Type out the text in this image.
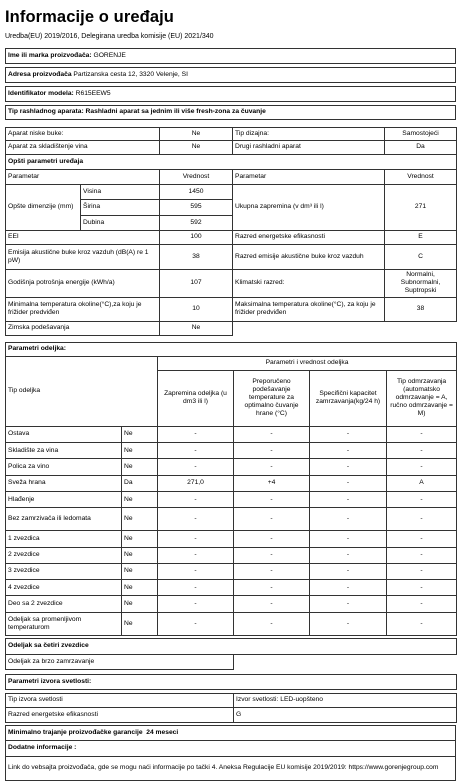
Informacije o uređaju
Uredba(EU) 2019/2016, Delegirana uredba komisije (EU) 2021/340
Ime ili marka proizvođača: GORENJE

Adresa proizvođača Partizanska cesta 12, 3320 Velenje, SI

Identifikator modela: R615EEW5

Tip rashladnog aparata: Rashladni aparat sa jednim ili više fresh-zona za čuvanje
Aparat niske buke:		Ne	Tip dizajna:	Samostojeći
Aparat za skladištenje vina		Ne	Drugi rashladni aparat	Da
Opšti parametri uređaja				
Parametar		Vrednost	Parametar	Vrednost
Opšte dimenzije (mm)	Visina	1450	Ukupna zapremina (v dm³ ili l)	271
	Širina	595		
	Dubina	592		
EEI		100	Razred energetske efikasnosti	E
Emisija akustične buke kroz vazduh (dB(A) re 1 pW)		38	Razred emisije akustične buke kroz vazduh	C
Godišnja potrošnja energije (kWh/a)		107	Klimatski razred:	Normalni,
Subnormalni,
Suptropski

Minimalna temperatura okoline(°C),za koju je frižider predviđen		10	Maksimalna temperatura okoline(°C), za koju je frižider predviđen	38
Zimska podešavanja		Ne		
Parametri odeljka:					
Tip odeljka		Parametri i vrednost odeljka			
		Zapremina odeljka (u dm3 ili l)	Preporučeno podešavanje temperature za optimalno čuvanje hrane (°C)	Specifični kapacitet zamrzavanja(kg/24 h)	Tip odmrzavanja (automatsko odmrzavanje = A, ručno odmrzavanje = M)
Ostava	Ne	-	-	-	-
Skladište za vina	Ne	-	-	-	-
Polica za vino	Ne	-	-	-	-
Sveža hrana	Da	271,0	+4	-	A
Hlađenje	Ne	-	-	-	-
Bez zamrzivača ili ledomata	Ne	-	-	-	-
1 zvezdica	Ne	-	-	-	-
2 zvezdice	Ne	-	-	-	-
3 zvezdice	Ne	-	-	-	-
4 zvezdice	Ne	-	-	-	-
Deo sa 2 zvezdice	Ne	-	-	-	-
Odeljak sa promenljivom temperaturom	Ne	-	-	-	-
Odeljak sa četiri zvezdice
Odeljak za brzo zamrzavanje	
Parametri izvora svetlosti:	

Tip izvora svetlosti	Izvor svetlosti: LED-uopšteno
Razred energetske efikasnosti	G
Minimalno trajanje proizvođačke garancije 24 meseci
Dodatne informacije :
Link do vebsajta proizvođača, gde se mogu naći informacije po tački 4. Aneksa Regulacije EU komisije 2019/2019: https://www.gorenjegroup.com
